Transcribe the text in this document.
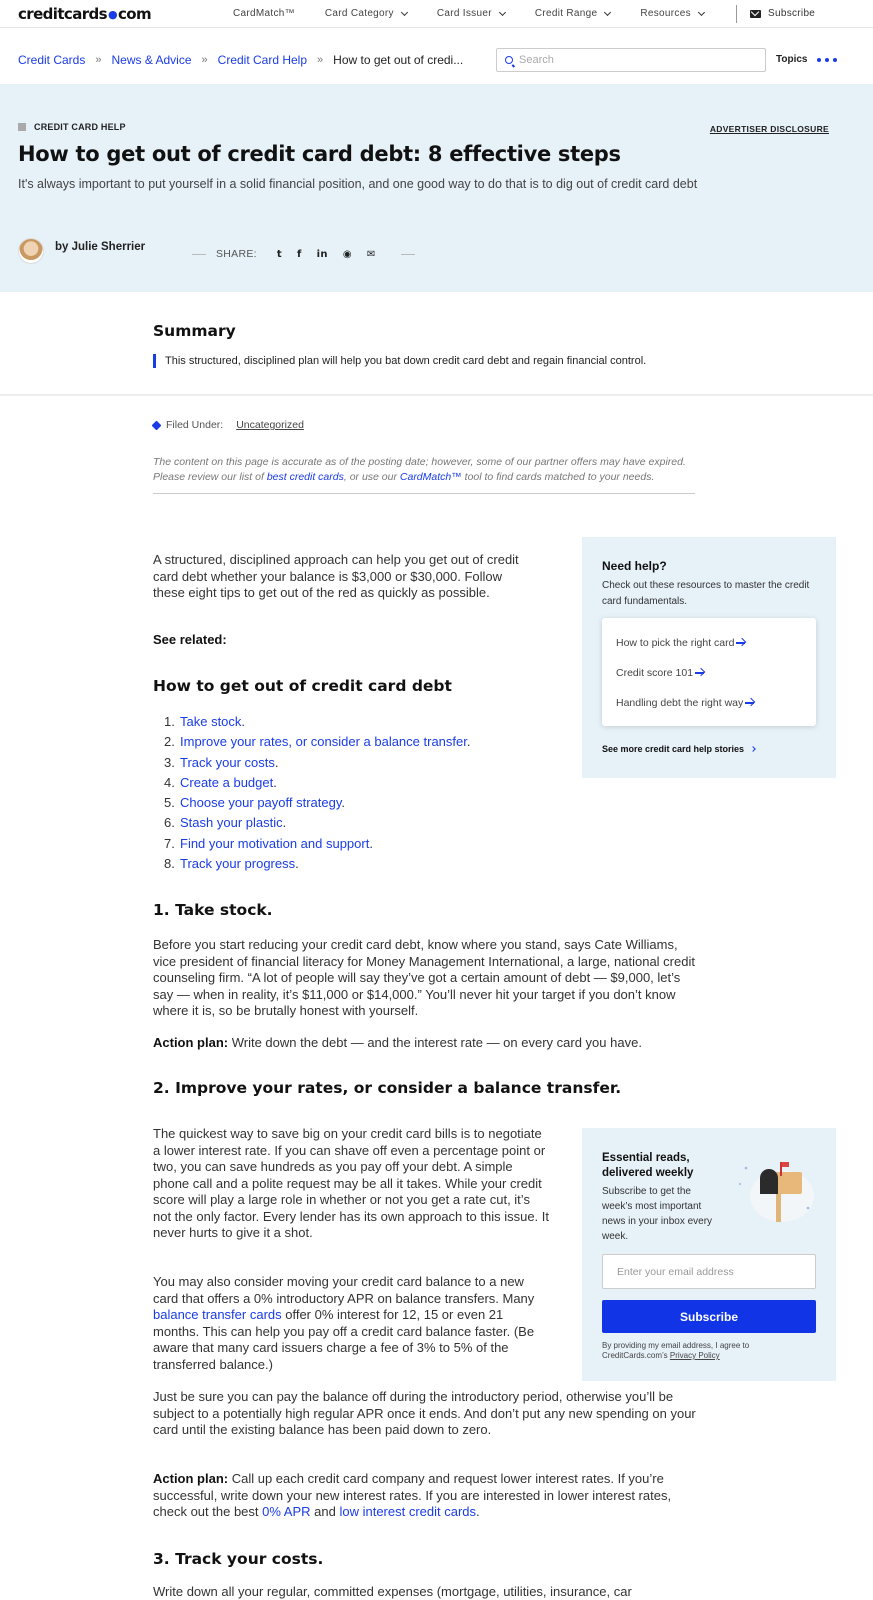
creditcards●com	CardMatch™	Card Category	Card Issuer	Credit Range	Resources	Subscribe
Credit Cards » News & Advice » Credit Card Help » How to get out of credi...
Search	Topics
CREDIT CARD HELP	ADVERTISER DISCLOSURE
How to get out of credit card debt: 8 effective steps

It's always important to put yourself in a solid financial position, and one good way to do that is to dig out of credit card debt

by Julie Sherrier
SHARE: t f in ◉ ✉
Summary

This structured, disciplined plan will help you bat down credit card debt and regain financial control.

Filed Under: Uncategorized
The content on this page is accurate as of the posting date; however, some of our partner offers may have expired. Please review our list of best credit cards, or use our CardMatch™ tool to find cards matched to your needs.

A structured, disciplined approach can help you get out of credit card debt whether your balance is $3,000 or $30,000. Follow these eight tips to get out of the red as quickly as possible.

See related:

How to get out of credit card debt
1. Take stock.
2. Improve your rates, or consider a balance transfer.
3. Track your costs.
4. Create a budget.
5. Choose your payoff strategy.
6. Stash your plastic.
7. Find your motivation and support.
8. Track your progress.
1. Take stock.

Before you start reducing your credit card debt, know where you stand, says Cate Williams, vice president of financial literacy for Money Management International, a large, national credit counseling firm. “A lot of people will say they’ve got a certain amount of debt — $9,000, let’s say — when in reality, it’s $11,000 or $14,000.” You’ll never hit your target if you don’t know where it is, so be brutally honest with yourself.

Action plan: Write down the debt — and the interest rate — on every card you have.

2. Improve your rates, or consider a balance transfer.

The quickest way to save big on your credit card bills is to negotiate a lower interest rate. If you can shave off even a percentage point or two, you can save hundreds as you pay off your debt. A simple phone call and a polite request may be all it takes. While your credit score will play a large role in whether or not you get a rate cut, it’s not the only factor. Every lender has its own approach to this issue. It never hurts to give it a shot.

You may also consider moving your credit card balance to a new card that offers a 0% introductory APR on balance transfers. Many balance transfer cards offer 0% interest for 12, 15 or even 21 months. This can help you pay off a credit card balance faster. (Be aware that many card issuers charge a fee of 3% to 5% of the transferred balance.)

Just be sure you can pay the balance off during the introductory period, otherwise you’ll be subject to a potentially high regular APR once it ends. And don’t put any new spending on your card until the existing balance has been paid down to zero.

Action plan: Call up each credit card company and request lower interest rates. If you’re successful, write down your new interest rates. If you are interested in lower interest rates, check out the best 0% APR and low interest credit cards.

3. Track your costs.

Write down all your regular, committed expenses (mortgage, utilities, insurance, car

Need help?
Check out these resources to master the credit card fundamentals.
How to pick the right card
Credit score 101
Handling debt the right way
See more credit card help stories
Essential reads, delivered weekly
Subscribe to get the week’s most important news in your inbox every week.
Enter your email address
Subscribe
By providing my email address, I agree to CreditCards.com’s Privacy Policy
